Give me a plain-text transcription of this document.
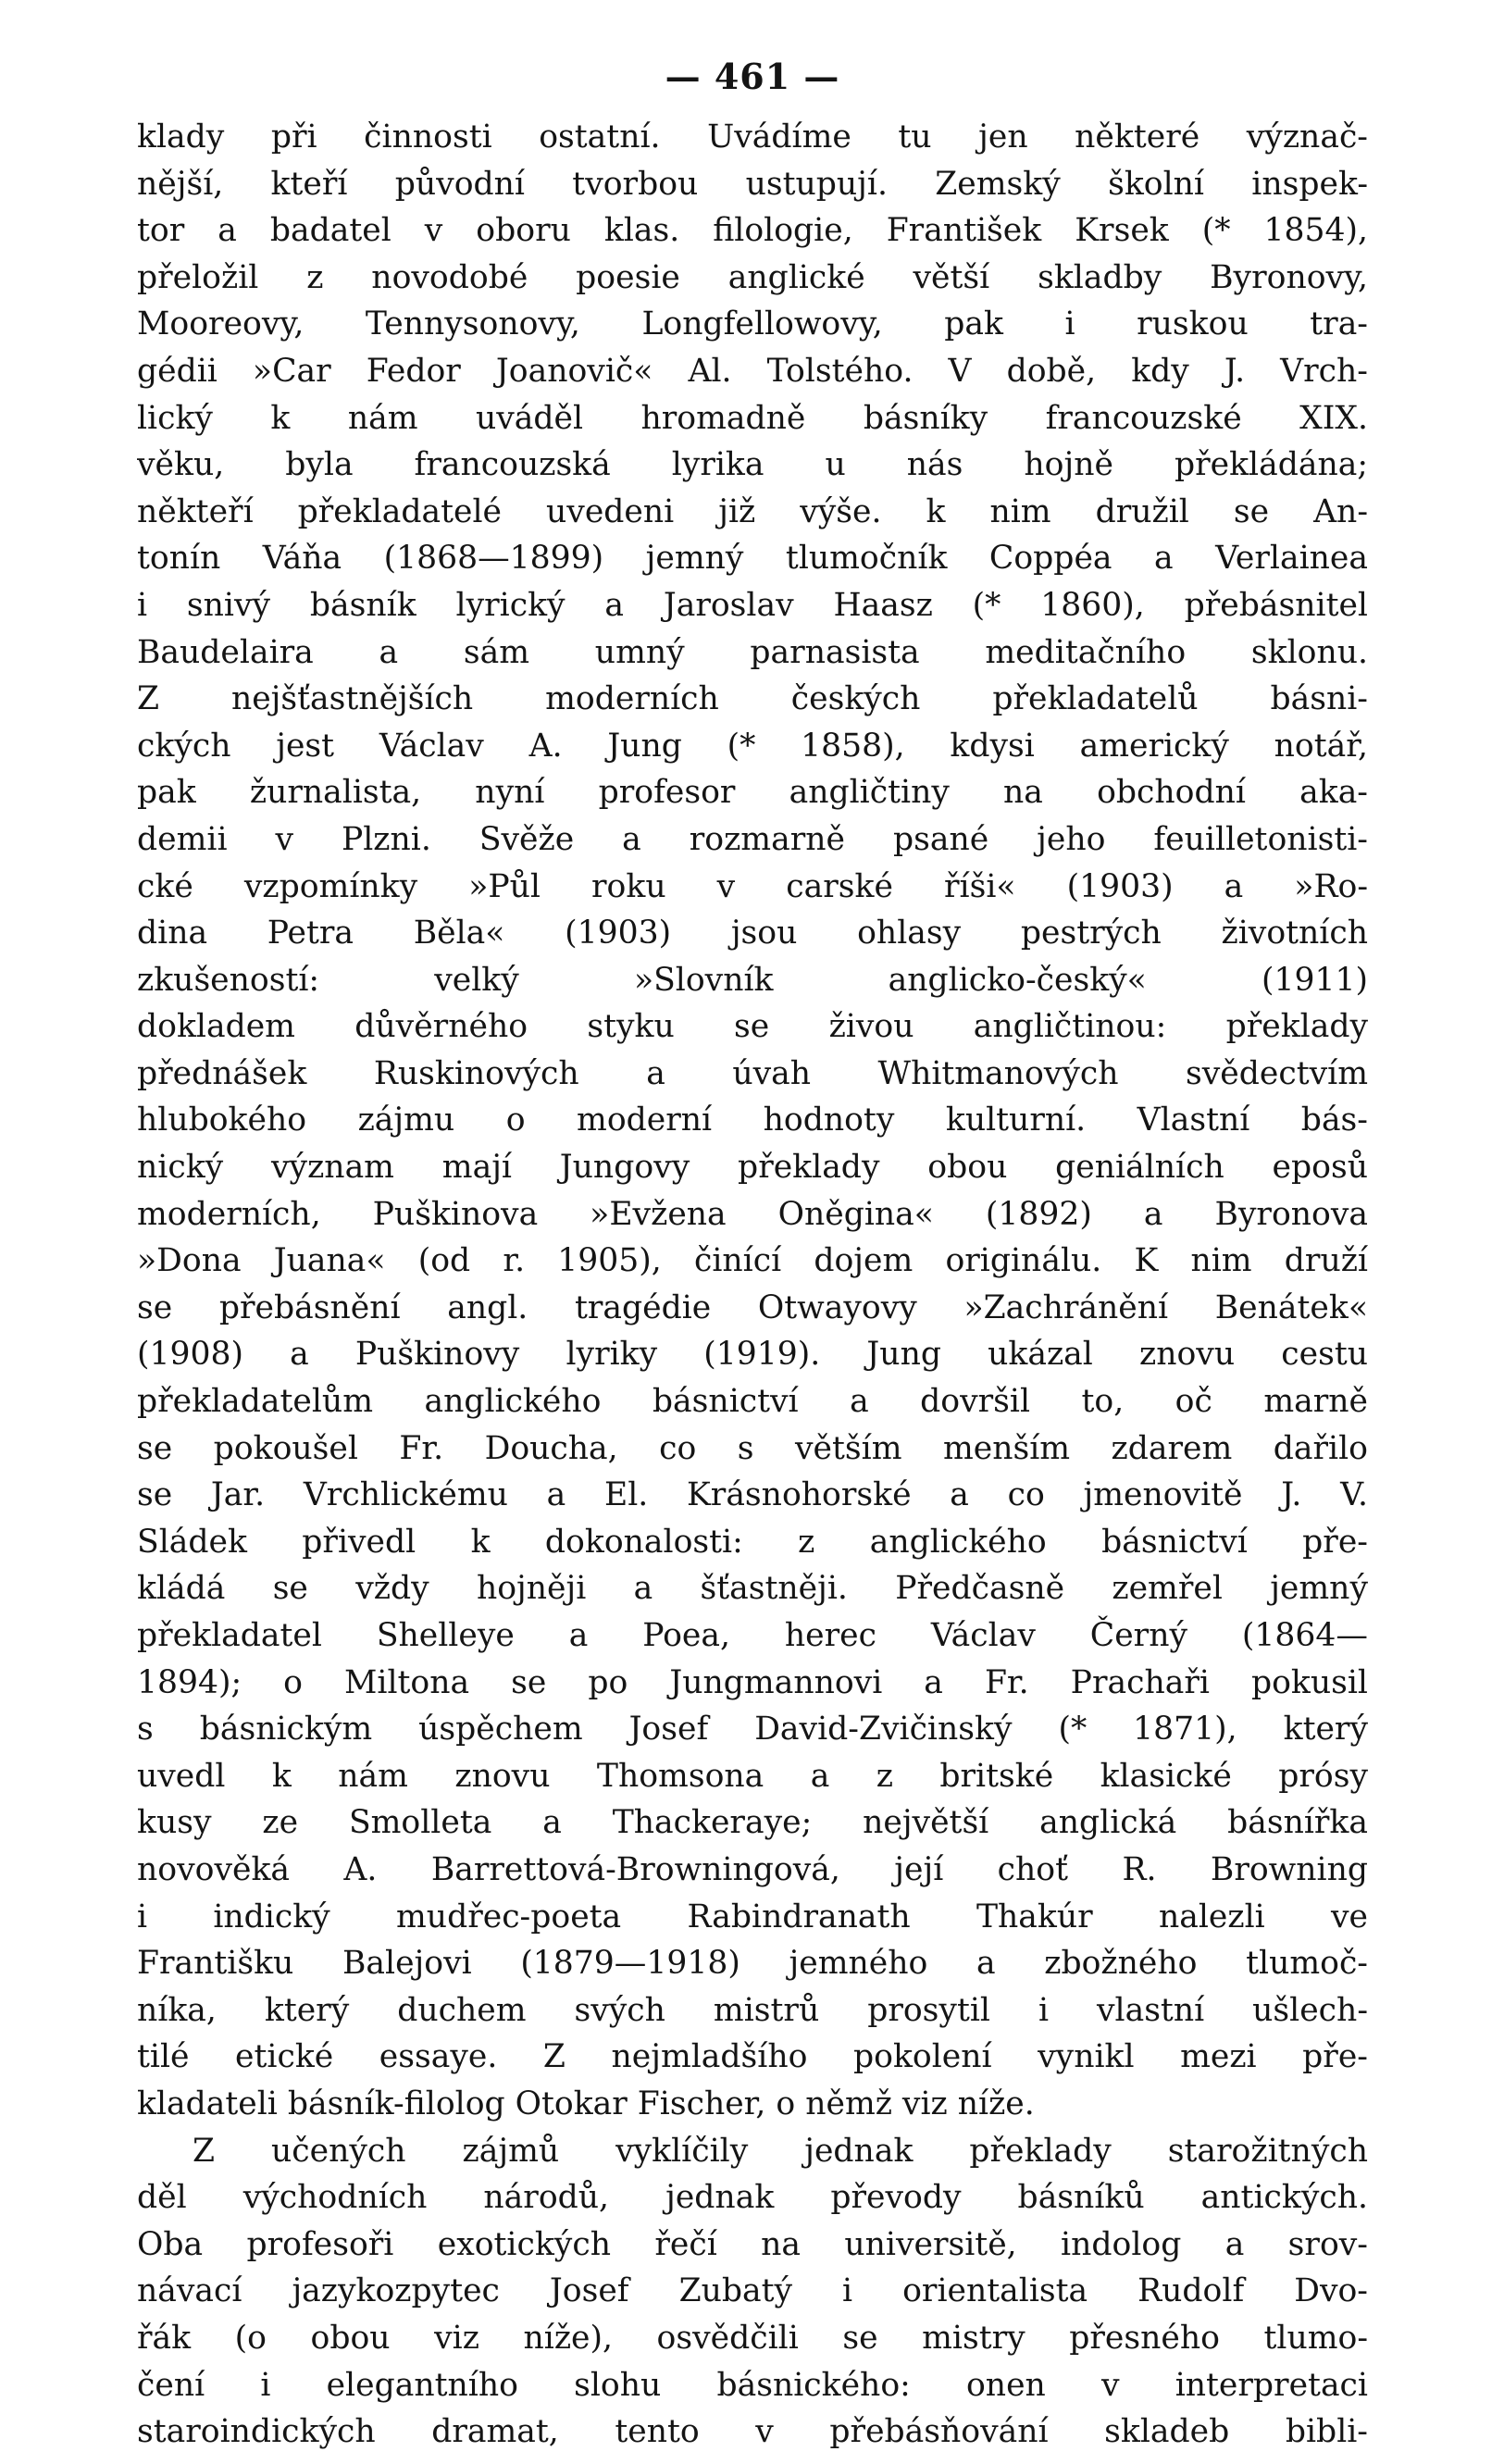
— 461 —
klady při činnosti ostatní. Uvádíme tu jen některé význač-
nější, kteří původní tvorbou ustupují. Zemský školní inspek-
tor a badatel v oboru klas. filologie, František Krsek (* 1854),
přeložil z novodobé poesie anglické větší skladby Byronovy,
Mooreovy, Tennysonovy, Longfellowovy, pak i ruskou tra-
gédii »Car Fedor Joanovič« Al. Tolstého. V době, kdy J. Vrch-
lický k nám uváděl hromadně básníky francouzské XIX.
věku, byla francouzská lyrika u nás hojně překládána;
někteří překladatelé uvedeni již výše. k nim družil se An-
tonín Váňa (1868—1899) jemný tlumočník Coppéa a Verlainea
i snivý básník lyrický a Jaroslav Haasz (* 1860), přebásnitel
Baudelaira a sám umný parnasista meditačního sklonu.
Z nejšťastnějších moderních českých překladatelů básni-
ckých jest Václav A. Jung (* 1858), kdysi americký notář,
pak žurnalista, nyní profesor angličtiny na obchodní aka-
demii v Plzni. Svěže a rozmarně psané jeho feuilletonisti-
cké vzpomínky »Půl roku v carské říši« (1903) a »Ro-
dina Petra Běla« (1903) jsou ohlasy pestrých životních
zkušeností: velký »Slovník anglicko-český« (1911)
dokladem důvěrného styku se živou angličtinou: překlady
přednášek Ruskinových a úvah Whitmanových svědectvím
hlubokého zájmu o moderní hodnoty kulturní. Vlastní bás-
nický význam mají Jungovy překlady obou geniálních eposů
moderních, Puškinova »Evžena Oněgina« (1892) a Byronova
»Dona Juana« (od r. 1905), činící dojem originálu. K nim druží
se přebásnění angl. tragédie Otwayovy »Zachránění Benátek«
(1908) a Puškinovy lyriky (1919). Jung ukázal znovu cestu
překladatelům anglického básnictví a dovršil to, oč marně
se pokoušel Fr. Doucha, co s větším menším zdarem dařilo
se Jar. Vrchlickému a El. Krásnohorské a co jmenovitě J. V.
Sládek přivedl k dokonalosti: z anglického básnictví pře-
kládá se vždy hojněji a šťastněji. Předčasně zemřel jemný
překladatel Shelleye a Poea, herec Václav Černý (1864—
1894); o Miltona se po Jungmannovi a Fr. Prachaři pokusil
s básnickým úspěchem Josef David-Zvičinský (* 1871), který
uvedl k nám znovu Thomsona a z britské klasické prósy
kusy ze Smolleta a Thackeraye; největší anglická básnířka
novověká A. Barrettová-Browningová, její choť R. Browning
i indický mudřec-poeta Rabindranath Thakúr nalezli ve
Františku Balejovi (1879—1918) jemného a zbožného tlumoč-
níka, který duchem svých mistrů prosytil i vlastní ušlech-
tilé etické essaye. Z nejmladšího pokolení vynikl mezi pře-
kladateli básník-filolog Otokar Fischer, o němž viz níže.
Z učených zájmů vyklíčily jednak překlady starožitných
děl východních národů, jednak převody básníků antických.
Oba profesoři exotických řečí na universitě, indolog a srov-
návací jazykozpytec Josef Zubatý i orientalista Rudolf Dvo-
řák (o obou viz níže), osvědčili se mistry přesného tlumo-
čení i elegantního slohu básnického: onen v interpretaci
staroindických dramat, tento v přebásňování skladeb bibli-
